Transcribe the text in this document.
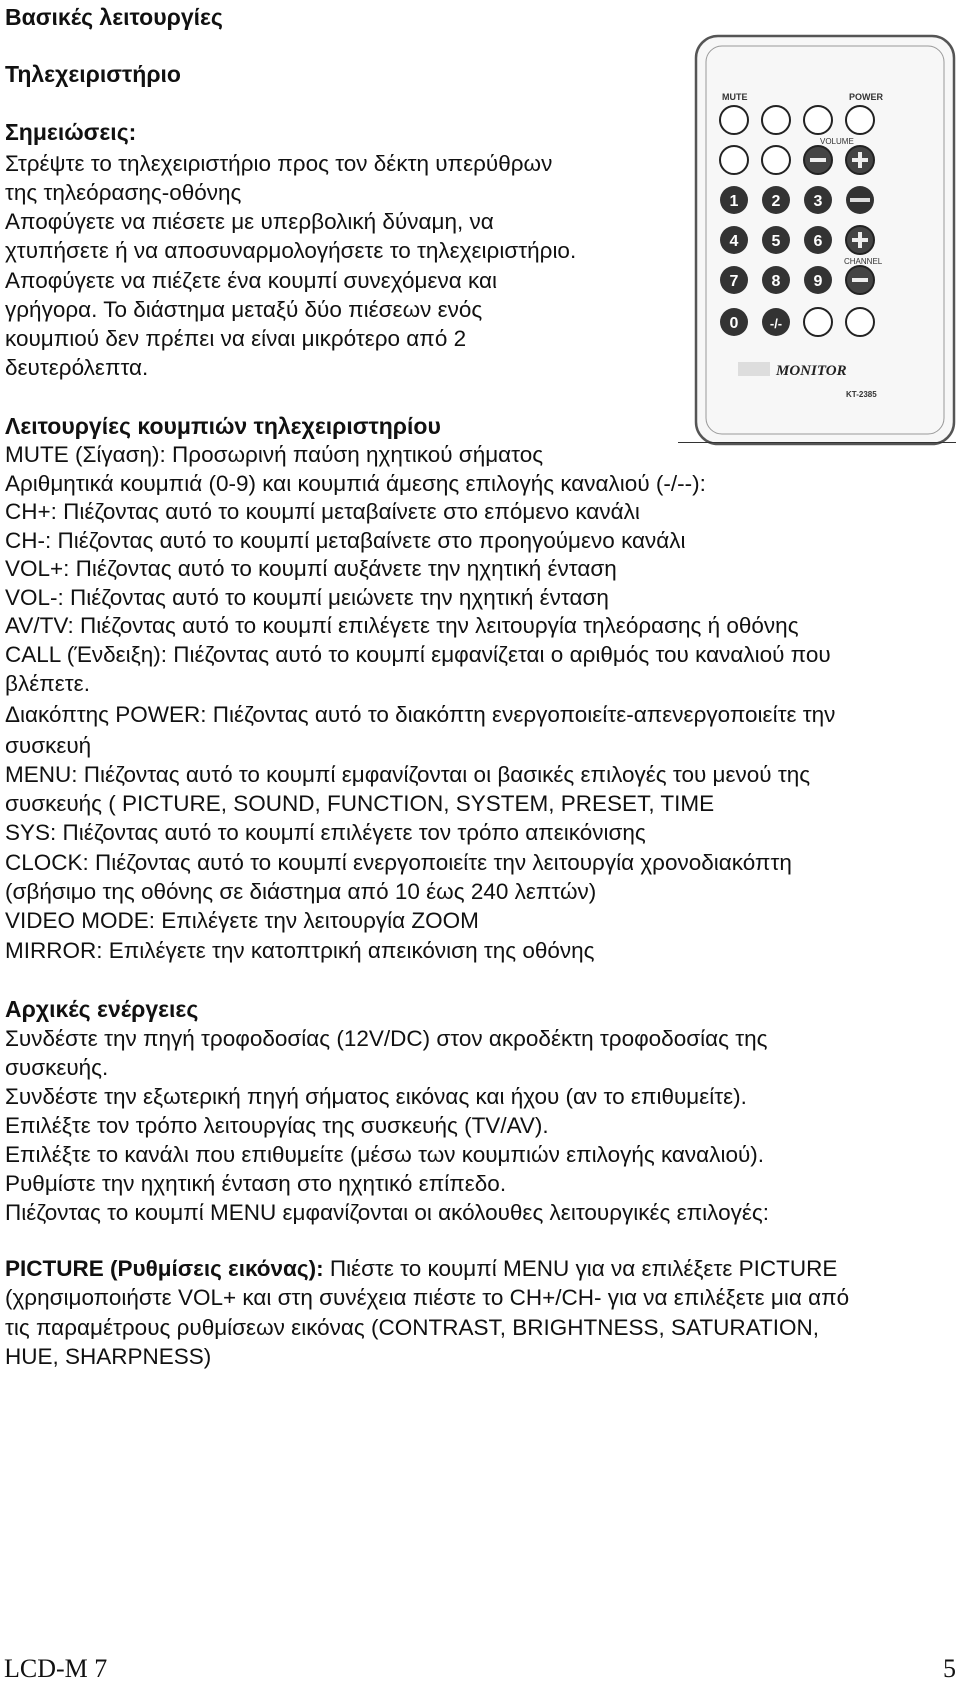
Βασικές λειτουργίες
Τηλεχειριστήριο
Σημειώσεις:

Στρέψτε το τηλεχειριστήριο προς τον δέκτη υπερύθρων

της τηλεόρασης-οθόνης

Αποφύγετε να πιέσετε με υπερβολική δύναμη, να

χτυπήσετε ή να αποσυναρμολογήσετε το τηλεχειριστήριο.

Αποφύγετε να πιέζετε ένα κουμπί συνεχόμενα και

γρήγορα. Το διάστημα μεταξύ δύο πιέσεων ενός

κουμπιού δεν πρέπει να είναι μικρότερο από 2

δευτερόλεπτα.

MUTE	POWER
VOLUME
1 2 3
4 5 6
CHANNEL
7 8 9
0 -/-
MONITOR
KT-2385
Λειτουργίες κουμπιών τηλεχειριστηρίου

MUTE (Σίγαση): Προσωρινή παύση ηχητικού σήματος

Αριθμητικά κουμπιά (0-9) και κουμπιά άμεσης επιλογής καναλιού (-/--):

CH+: Πιέζοντας αυτό το κουμπί μεταβαίνετε στο επόμενο κανάλι

CH-: Πιέζοντας αυτό το κουμπί μεταβαίνετε στο προηγούμενο κανάλι

VOL+: Πιέζοντας αυτό το κουμπί αυξάνετε την ηχητική ένταση

VOL-: Πιέζοντας αυτό το κουμπί μειώνετε την ηχητική ένταση

AV/TV: Πιέζοντας αυτό το κουμπί επιλέγετε την λειτουργία τηλεόρασης ή οθόνης

CALL (Ένδειξη): Πιέζοντας αυτό το κουμπί εμφανίζεται ο αριθμός του καναλιού που

βλέπετε.

Διακόπτης POWER: Πιέζοντας αυτό το διακόπτη ενεργοποιείτε-απενεργοποιείτε την

συσκευή

MENU: Πιέζοντας αυτό το κουμπί εμφανίζονται οι βασικές επιλογές του μενού της

συσκευής ( PICTURE, SOUND, FUNCTION, SYSTEM, PRESET, TIME

SYS: Πιέζοντας αυτό το κουμπί επιλέγετε τον τρόπο απεικόνισης

CLOCK: Πιέζοντας αυτό το κουμπί ενεργοποιείτε την λειτουργία χρονοδιακόπτη

(σβήσιμο της οθόνης σε διάστημα από 10 έως 240 λεπτών)

VIDEO MODE: Επιλέγετε την λειτουργία ZOOM

MIRROR: Επιλέγετε την κατοπτρική απεικόνιση της οθόνης

Αρχικές ενέργειες

Συνδέστε την πηγή τροφοδοσίας (12V/DC) στον ακροδέκτη τροφοδοσίας της

συσκευής.

Συνδέστε την εξωτερική πηγή σήματος εικόνας και ήχου (αν το επιθυμείτε).

Επιλέξτε τον τρόπο λειτουργίας της συσκευής (TV/AV).

Επιλέξτε το κανάλι που επιθυμείτε (μέσω των κουμπιών επιλογής καναλιού).

Ρυθμίστε την ηχητική ένταση στο ηχητικό επίπεδο.

Πιέζοντας το κουμπί MENU εμφανίζονται οι ακόλουθες λειτουργικές επιλογές:

PICTURE (Ρυθμίσεις εικόνας): Πιέστε το κουμπί MENU για να επιλέξετε PICTURE

(χρησιμοποιήστε VOL+ και στη συνέχεια πιέστε το CH+/CH- για να επιλέξετε μια από

τις παραμέτρους ρυθμίσεων εικόνας (CONTRAST, BRIGHTNESS, SATURATION,

HUE, SHARPNESS)

LCD-M 7	5
